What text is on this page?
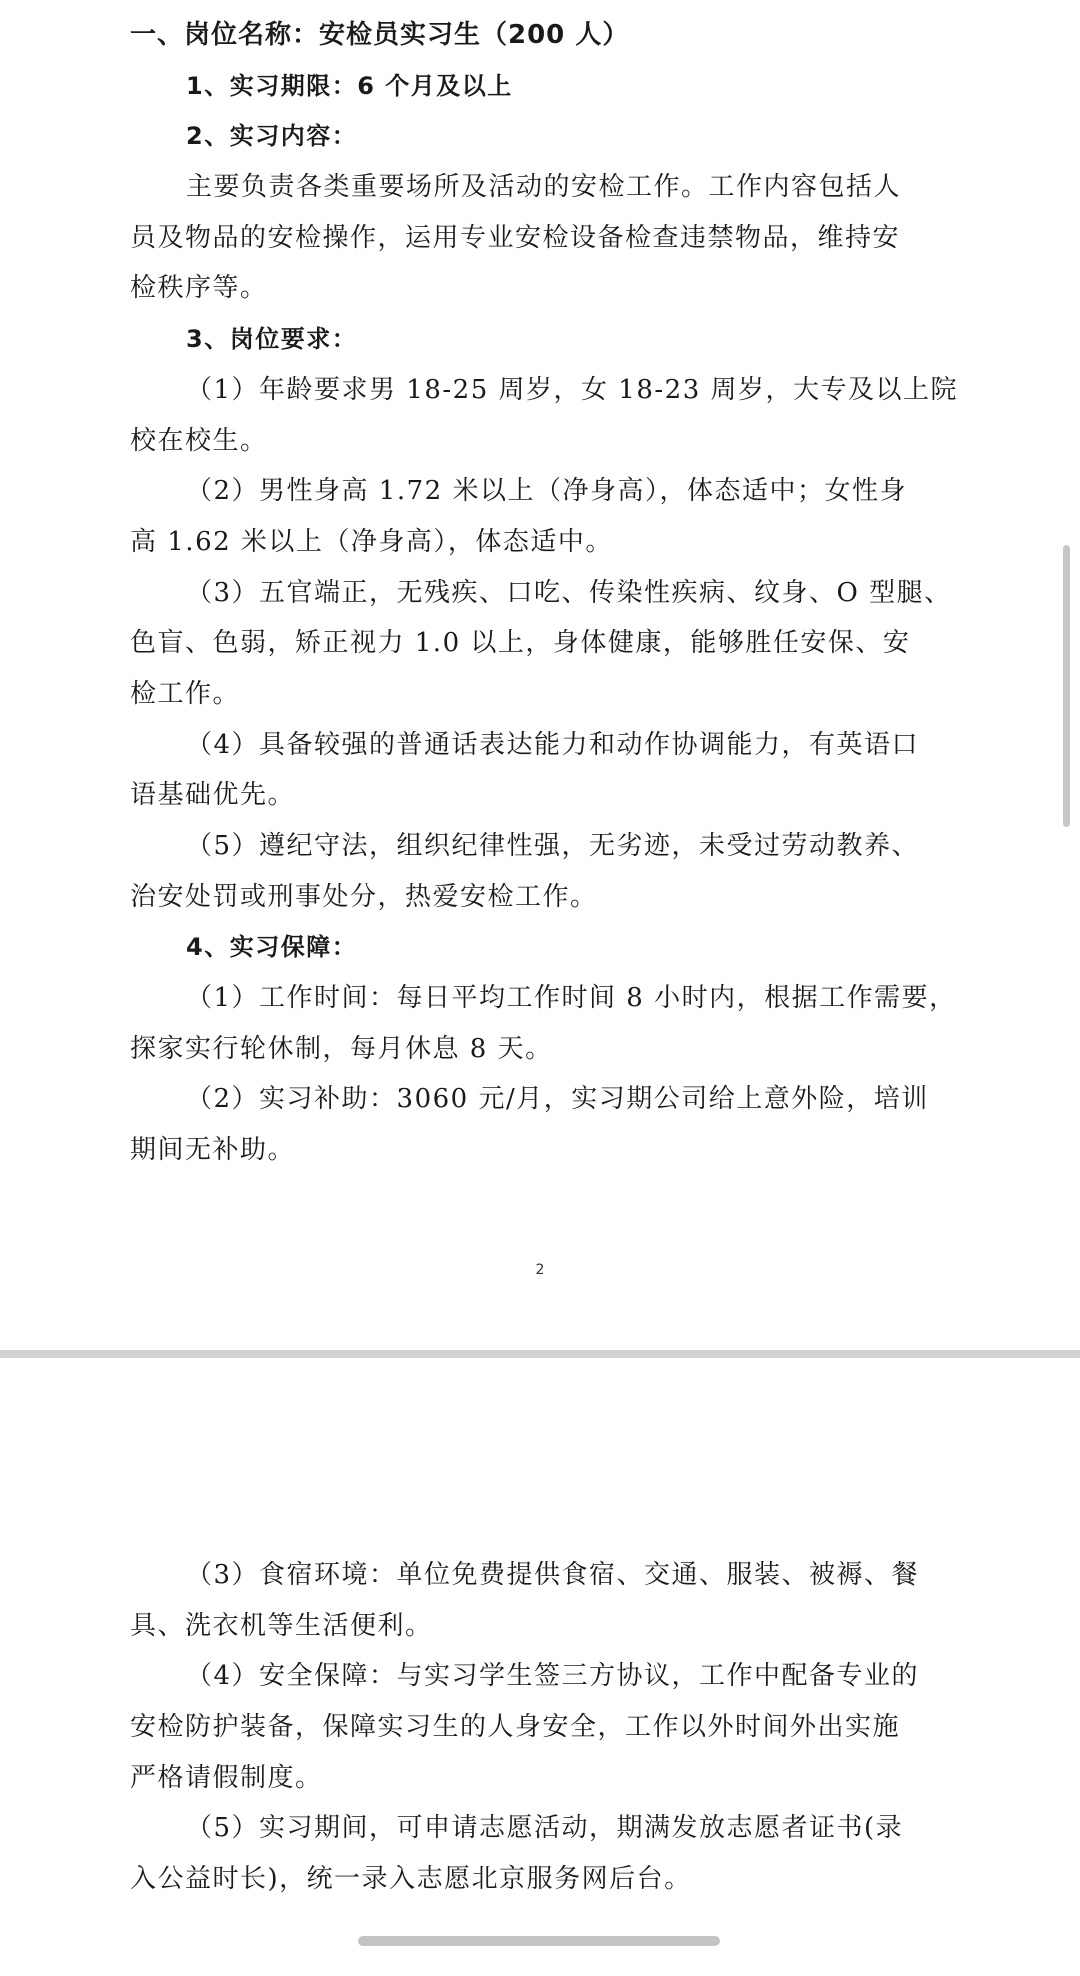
一、岗位名称：安检员实习生（200 人）
1、实习期限：6 个月及以上
2、实习内容：
主要负责各类重要场所及活动的安检工作。工作内容包括人
员及物品的安检操作，运用专业安检设备检查违禁物品，维持安
检秩序等。
3、岗位要求：
（1）年龄要求男 18-25 周岁，女 18-23 周岁，大专及以上院
校在校生。
（2）男性身高 1.72 米以上（净身高），体态适中；女性身
高 1.62 米以上（净身高），体态适中。
（3）五官端正，无残疾、口吃、传染性疾病、纹身、O 型腿、
色盲、色弱，矫正视力 1.0 以上，身体健康，能够胜任安保、安
检工作。
（4）具备较强的普通话表达能力和动作协调能力，有英语口
语基础优先。
（5）遵纪守法，组织纪律性强，无劣迹，未受过劳动教养、
治安处罚或刑事处分，热爱安检工作。
4、实习保障：
（1）工作时间：每日平均工作时间 8 小时内，根据工作需要，
探家实行轮休制，每月休息 8 天。
（2）实习补助：3060 元/月，实习期公司给上意外险，培训
期间无补助。
2
（3）食宿环境：单位免费提供食宿、交通、服装、被褥、餐
具、洗衣机等生活便利。
（4）安全保障：与实习学生签三方协议，工作中配备专业的
安检防护装备，保障实习生的人身安全，工作以外时间外出实施
严格请假制度。
（5）实习期间，可申请志愿活动，期满发放志愿者证书(录
入公益时长)，统一录入志愿北京服务网后台。
